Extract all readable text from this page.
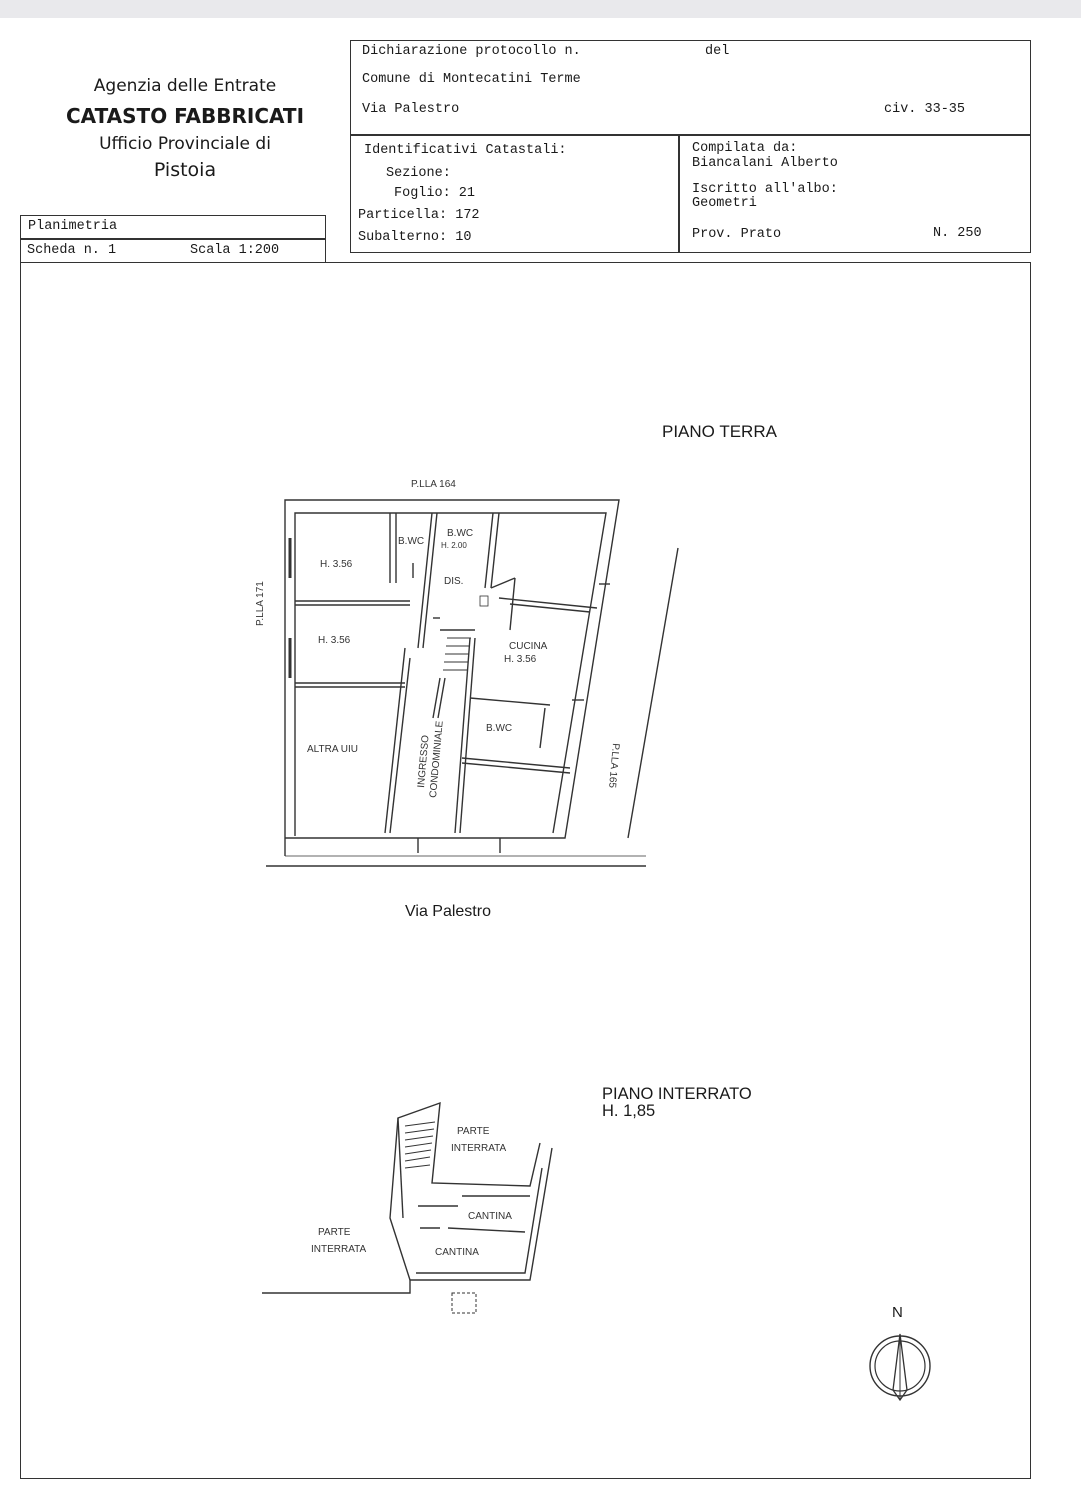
Agenzia delle Entrate
CATASTO FABBRICATI
Ufficio Provinciale di
Pistoia
Planimetria
Scheda n. 1	Scala 1:200
Dichiarazione protocollo n.	del
Comune di Montecatini Terme
Via Palestro	civ. 33-35
Identificativi Catastali:
Sezione:
Foglio: 21
Particella: 172
Subalterno: 10
Compilata da:
Biancalani Alberto
Iscritto all'albo:
Geometri
Prov. Prato	N. 250
PIANO TERRA
Via Palestro
PIANO INTERRATO
H. 1,85
N
P.LLA 164
H. 3.56
H. 3.56
B.WC
B.WC
H. 2.00
DIS.
CUCINA
H. 3.56
B.WC
ALTRA UIU
P.LLA 171
P.LLA 165
INGRESSO
CONDOMINIALE
PARTE
INTERRATA
PARTE
INTERRATA
CANTINA
CANTINA
